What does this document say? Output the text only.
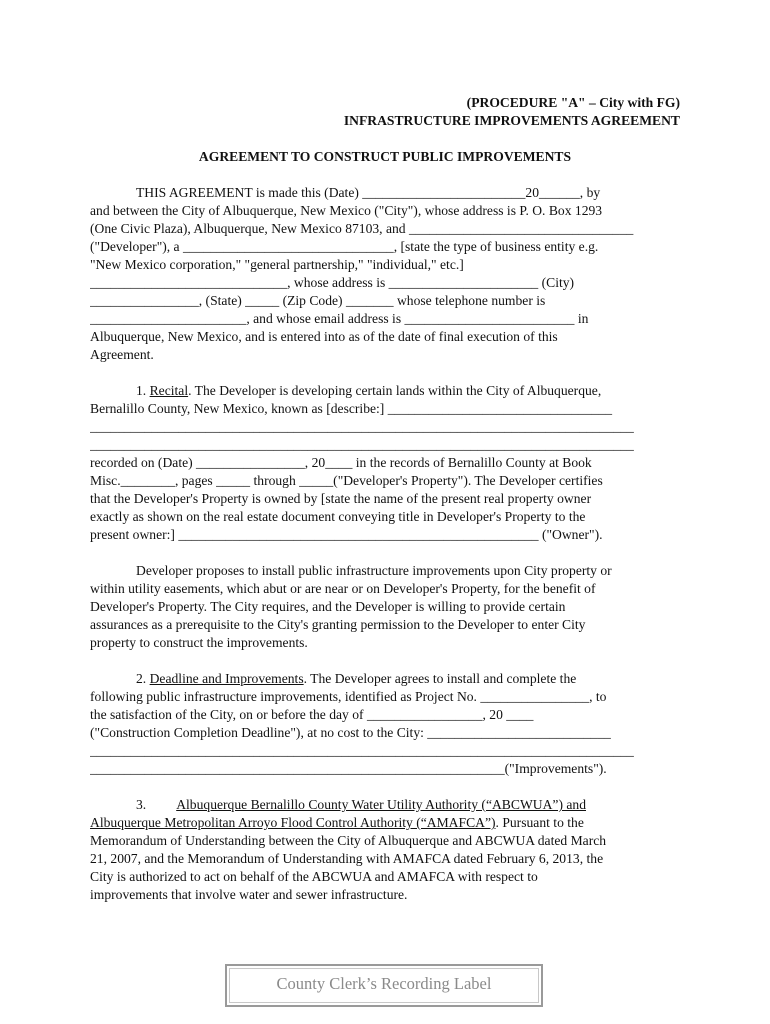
(PROCEDURE "A" – City with FG)
INFRASTRUCTURE IMPROVEMENTS AGREEMENT
AGREEMENT TO CONSTRUCT PUBLIC IMPROVEMENTS
THIS AGREEMENT is made this (Date) ________________________20______, by
and between the City of Albuquerque, New Mexico ("City"), whose address is P. O. Box 1293
(One Civic Plaza), Albuquerque, New Mexico 87103, and _________________________________
("Developer"), a _______________________________, [state the type of business entity e.g.
"New Mexico corporation," "general partnership," "individual," etc.]
_____________________________, whose address is ______________________ (City)
________________, (State) _____ (Zip Code) _______ whose telephone number is
_______________________, and whose email address is _________________________ in
Albuquerque, New Mexico, and is entered into as of the date of final execution of this
Agreement.
1. Recital. The Developer is developing certain lands within the City of Albuquerque,
Bernalillo County, New Mexico, known as [describe:] _________________________________
________________________________________________________________________________
________________________________________________________________________________
recorded on (Date) ________________, 20____ in the records of Bernalillo County at Book
Misc.________, pages _____ through _____("Developer's Property"). The Developer certifies
that the Developer's Property is owned by [state the name of the present real property owner
exactly as shown on the real estate document conveying title in Developer's Property to the
present owner:] _____________________________________________________ ("Owner").
Developer proposes to install public infrastructure improvements upon City property or
within utility easements, which abut or are near or on Developer's Property, for the benefit of
Developer's Property. The City requires, and the Developer is willing to provide certain
assurances as a prerequisite to the City's granting permission to the Developer to enter City
property to construct the improvements.
2. Deadline and Improvements. The Developer agrees to install and complete the
following public infrastructure improvements, identified as Project No. ________________, to
the satisfaction of the City, on or before the day of _________________, 20 ____
("Construction Completion Deadline"), at no cost to the City: ___________________________
________________________________________________________________________________
_____________________________________________________________("Improvements").
3. Albuquerque Bernalillo County Water Utility Authority (“ABCWUA”) and
Albuquerque Metropolitan Arroyo Flood Control Authority (“AMAFCA”). Pursuant to the
Memorandum of Understanding between the City of Albuquerque and ABCWUA dated March
21, 2007, and the Memorandum of Understanding with AMAFCA dated February 6, 2013, the
City is authorized to act on behalf of the ABCWUA and AMAFCA with respect to
improvements that involve water and sewer infrastructure.
County Clerk’s Recording Label
